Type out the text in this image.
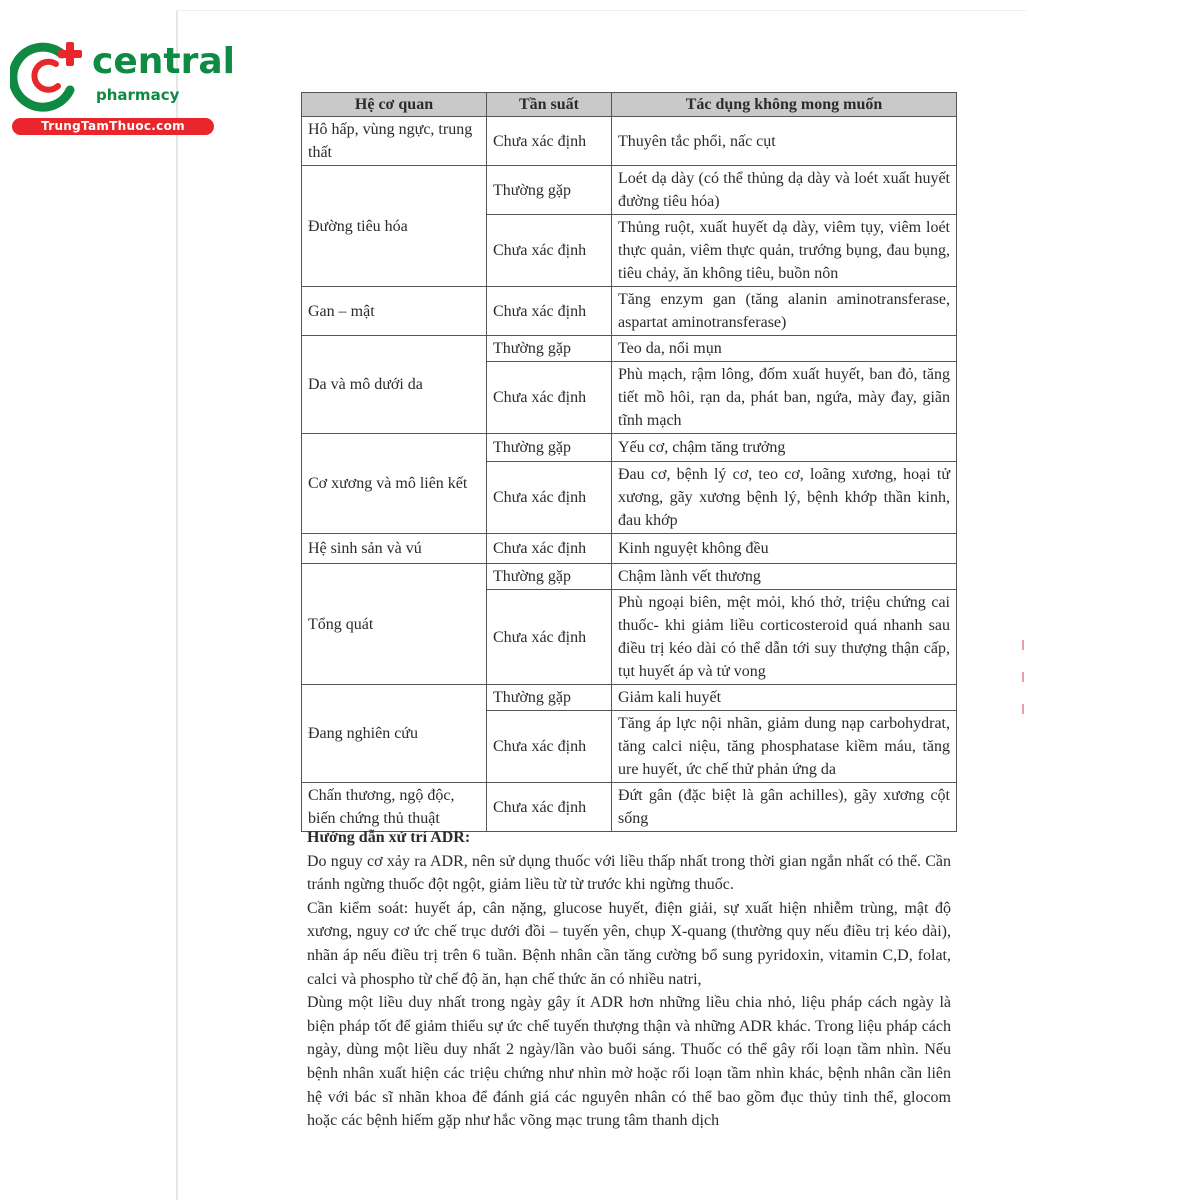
central
pharmacy
TrungTamThuoc.com
Hệ cơ quan	Tần suất	Tác dụng không mong muốn
Hô hấp, vùng ngực, trung thất	Chưa xác định	Thuyên tắc phổi, nấc cụt
Đường tiêu hóa	Thường gặp	Loét dạ dày (có thể thủng dạ dày và loét xuất huyết đường tiêu hóa)
	Chưa xác định	Thủng ruột, xuất huyết dạ dày, viêm tụy, viêm loét thực quản, viêm thực quản, trướng bụng, đau bụng, tiêu chảy, ăn không tiêu, buồn nôn
Gan – mật	Chưa xác định	Tăng enzym gan (tăng alanin aminotransferase, aspartat aminotransferase)
Da và mô dưới da	Thường gặp	Teo da, nổi mụn
	Chưa xác định	Phù mạch, rậm lông, đốm xuất huyết, ban đỏ, tăng tiết mồ hôi, rạn da, phát ban, ngứa, mày đay, giãn tĩnh mạch
Cơ xương và mô liên kết	Thường gặp	Yếu cơ, chậm tăng trưởng
	Chưa xác định	Đau cơ, bệnh lý cơ, teo cơ, loãng xương, hoại tử xương, gãy xương bệnh lý, bệnh khớp thần kinh, đau khớp
Hệ sinh sản và vú	Chưa xác định	Kinh nguyệt không đều
Tổng quát	Thường gặp	Chậm lành vết thương
	Chưa xác định	Phù ngoại biên, mệt mỏi, khó thở, triệu chứng cai thuốc- khi giảm liều corticosteroid quá nhanh sau điều trị kéo dài có thể dẫn tới suy thượng thận cấp, tụt huyết áp và tử vong
Đang nghiên cứu	Thường gặp	Giảm kali huyết
	Chưa xác định	Tăng áp lực nội nhãn, giảm dung nạp carbohydrat, tăng calci niệu, tăng phosphatase kiềm máu, tăng ure huyết, ức chế thử phản ứng da
Chấn thương, ngộ độc, biến chứng thủ thuật	Chưa xác định	Đứt gân (đặc biệt là gân achilles), gãy xương cột sống
Hướng dẫn xử trí ADR:

Do nguy cơ xảy ra ADR, nên sử dụng thuốc với liều thấp nhất trong thời gian ngắn nhất có thể. Cần tránh ngừng thuốc đột ngột, giảm liều từ từ trước khi ngừng thuốc.

Cần kiểm soát: huyết áp, cân nặng, glucose huyết, điện giải, sự xuất hiện nhiễm trùng, mật độ xương, nguy cơ ức chế trục dưới đồi – tuyến yên, chụp X-quang (thường quy nếu điều trị kéo dài), nhãn áp nếu điều trị trên 6 tuần. Bệnh nhân cần tăng cường bổ sung pyridoxin, vitamin C,D, folat, calci và phospho từ chế độ ăn, hạn chế thức ăn có nhiều natri,

Dùng một liều duy nhất trong ngày gây ít ADR hơn những liều chia nhỏ, liệu pháp cách ngày là biện pháp tốt để giảm thiểu sự ức chế tuyến thượng thận và những ADR khác. Trong liệu pháp cách ngày, dùng một liều duy nhất 2 ngày/lần vào buổi sáng. Thuốc có thể gây rối loạn tầm nhìn. Nếu bệnh nhân xuất hiện các triệu chứng như nhìn mờ hoặc rối loạn tầm nhìn khác, bệnh nhân cần liên hệ với bác sĩ nhãn khoa để đánh giá các nguyên nhân có thể bao gồm đục thủy tinh thể, glocom hoặc các bệnh hiếm gặp như hắc võng mạc trung tâm thanh dịch
